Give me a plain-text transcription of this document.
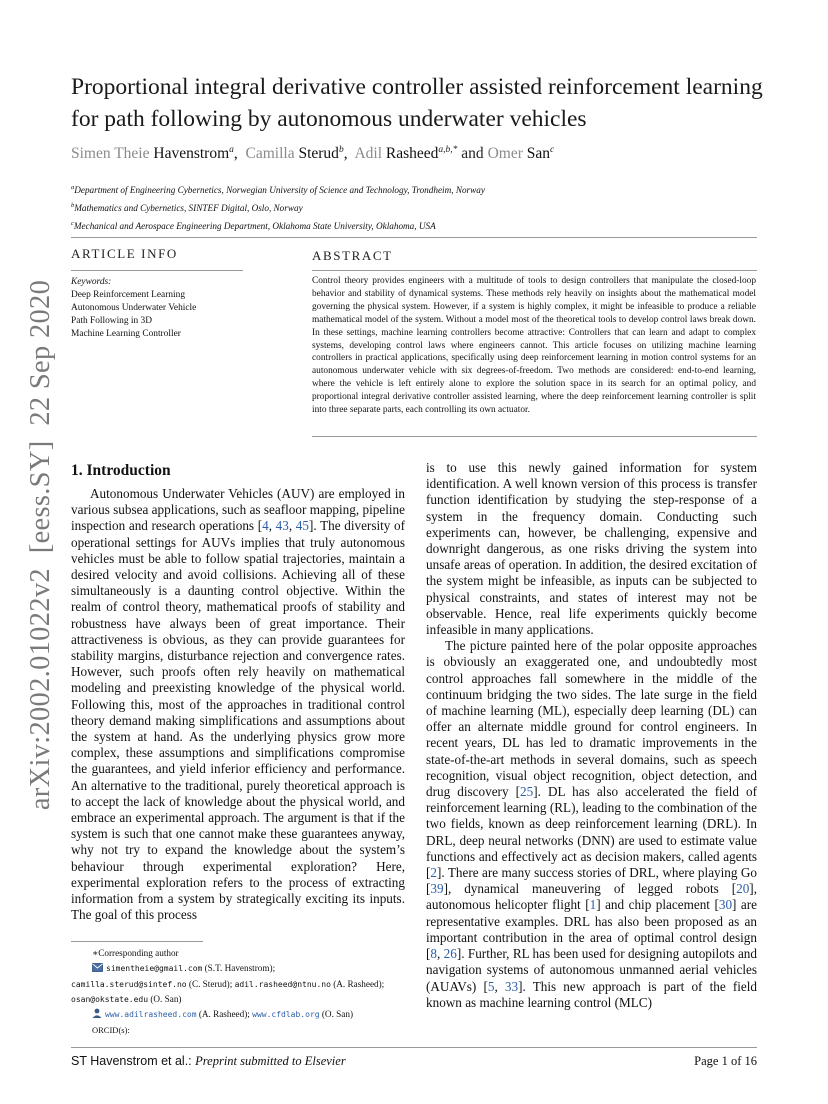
arXiv:2002.01022v2  [eess.SY]  22 Sep 2020
Proportional integral derivative controller assisted reinforcement learning for path following by autonomous underwater vehicles
Simen Theie Havenstrom$^a$,  Camilla Sterud$^b$,  Adil Rasheed$^{a,b,*}$ and Omer San$^c$
$^a$Department of Engineering Cybernetics, Norwegian University of Science and Technology, Trondheim, Norway
$^b$Mathematics and Cybernetics, SINTEF Digital, Oslo, Norway
$^c$Mechanical and Aerospace Engineering Department, Oklahoma State University, Oklahoma, USA
ARTICLE INFO
Keywords:
Deep Reinforcement Learning
Autonomous Underwater Vehicle
Path Following in 3D
Machine Learning Controller
ABSTRACT
Control theory provides engineers with a multitude of tools to design controllers that manipulate the closed-loop behavior and stability of dynamical systems. These methods rely heavily on insights about the mathematical model governing the physical system. However, if a system is highly complex, it might be infeasible to produce a reliable mathematical model of the system. Without a model most of the theoretical tools to develop control laws break down. In these settings, machine learning controllers become attractive: Controllers that can learn and adapt to complex systems, developing control laws where engineers cannot. This article focuses on utilizing machine learning controllers in practical applications, specifically using deep reinforcement learning in motion control systems for an autonomous underwater vehicle with six degrees-of-freedom. Two methods are considered: end-to-end learning, where the vehicle is left entirely alone to explore the solution space in its search for an optimal policy, and proportional integral derivative controller assisted learning, where the deep reinforcement learning controller is split into three separate parts, each controlling its own actuator.
1. Introduction

Autonomous Underwater Vehicles (AUV) are employed in various subsea applications, such as seafloor mapping, pipeline inspection and research operations [4, 43, 45]. The diversity of operational settings for AUVs implies that truly autonomous vehicles must be able to follow spatial trajectories, maintain a desired velocity and avoid collisions. Achieving all of these simultaneously is a daunting control objective. Within the realm of control theory, mathematical proofs of stability and robustness have always been of great importance. Their attractiveness is obvious, as they can provide guarantees for stability margins, disturbance rejection and convergence rates. However, such proofs often rely heavily on mathematical modeling and preexisting knowledge of the physical world. Following this, most of the approaches in traditional control theory demand making simplifications and assumptions about the system at hand. As the underlying physics grow more complex, these assumptions and simplifications compromise the guarantees, and yield inferior efficiency and performance. An alternative to the traditional, purely theoretical approach is to accept the lack of knowledge about the physical world, and embrace an experimental approach. The argument is that if the system is such that one cannot make these guarantees anyway, why not try to expand the knowledge about the system’s behaviour through experimental exploration? Here, experimental exploration refers to the process of extracting information from a system by strategically exciting its inputs. The goal of this process

is to use this newly gained information for system identification. A well known version of this process is transfer function identification by studying the step-response of a system in the frequency domain. Conducting such experiments can, however, be challenging, expensive and downright dangerous, as one risks driving the system into unsafe areas of operation. In addition, the desired excitation of the system might be infeasible, as inputs can be subjected to physical constraints, and states of interest may not be observable. Hence, real life experiments quickly become infeasible in many applications.

The picture painted here of the polar opposite approaches is obviously an exaggerated one, and undoubtedly most control approaches fall somewhere in the middle of the continuum bridging the two sides. The late surge in the field of machine learning (ML), especially deep learning (DL) can offer an alternate middle ground for control engineers. In recent years, DL has led to dramatic improvements in the state-of-the-art methods in several domains, such as speech recognition, visual object recognition, object detection, and drug discovery [25]. DL has also accelerated the field of reinforcement learning (RL), leading to the combination of the two fields, known as deep reinforcement learning (DRL). In DRL, deep neural networks (DNN) are used to estimate value functions and effectively act as decision makers, called agents [2]. There are many success stories of DRL, where playing Go [39], dynamical maneuvering of legged robots [20], autonomous helicopter flight [1] and chip placement [30] are representative examples. DRL has also been proposed as an important contribution in the area of optimal control design [8, 26]. Further, RL has been used for designing autopilots and navigation systems of autonomous unmanned aerial vehicles (AUAVs) [5, 33]. This new approach is part of the field known as machine learning control (MLC)

∗Corresponding author
simentheie@gmail.com (S.T. Havenstrom);
camilla.sterud@sintef.no (C. Sterud); adil.rasheed@ntnu.no (A. Rasheed);
osan@okstate.edu (O. San)
www.adilrasheed.com (A. Rasheed); www.cfdlab.org (O. San)
ORCID(s):
ST Havenstrom et al.: Preprint submitted to Elsevier	Page 1 of 16
